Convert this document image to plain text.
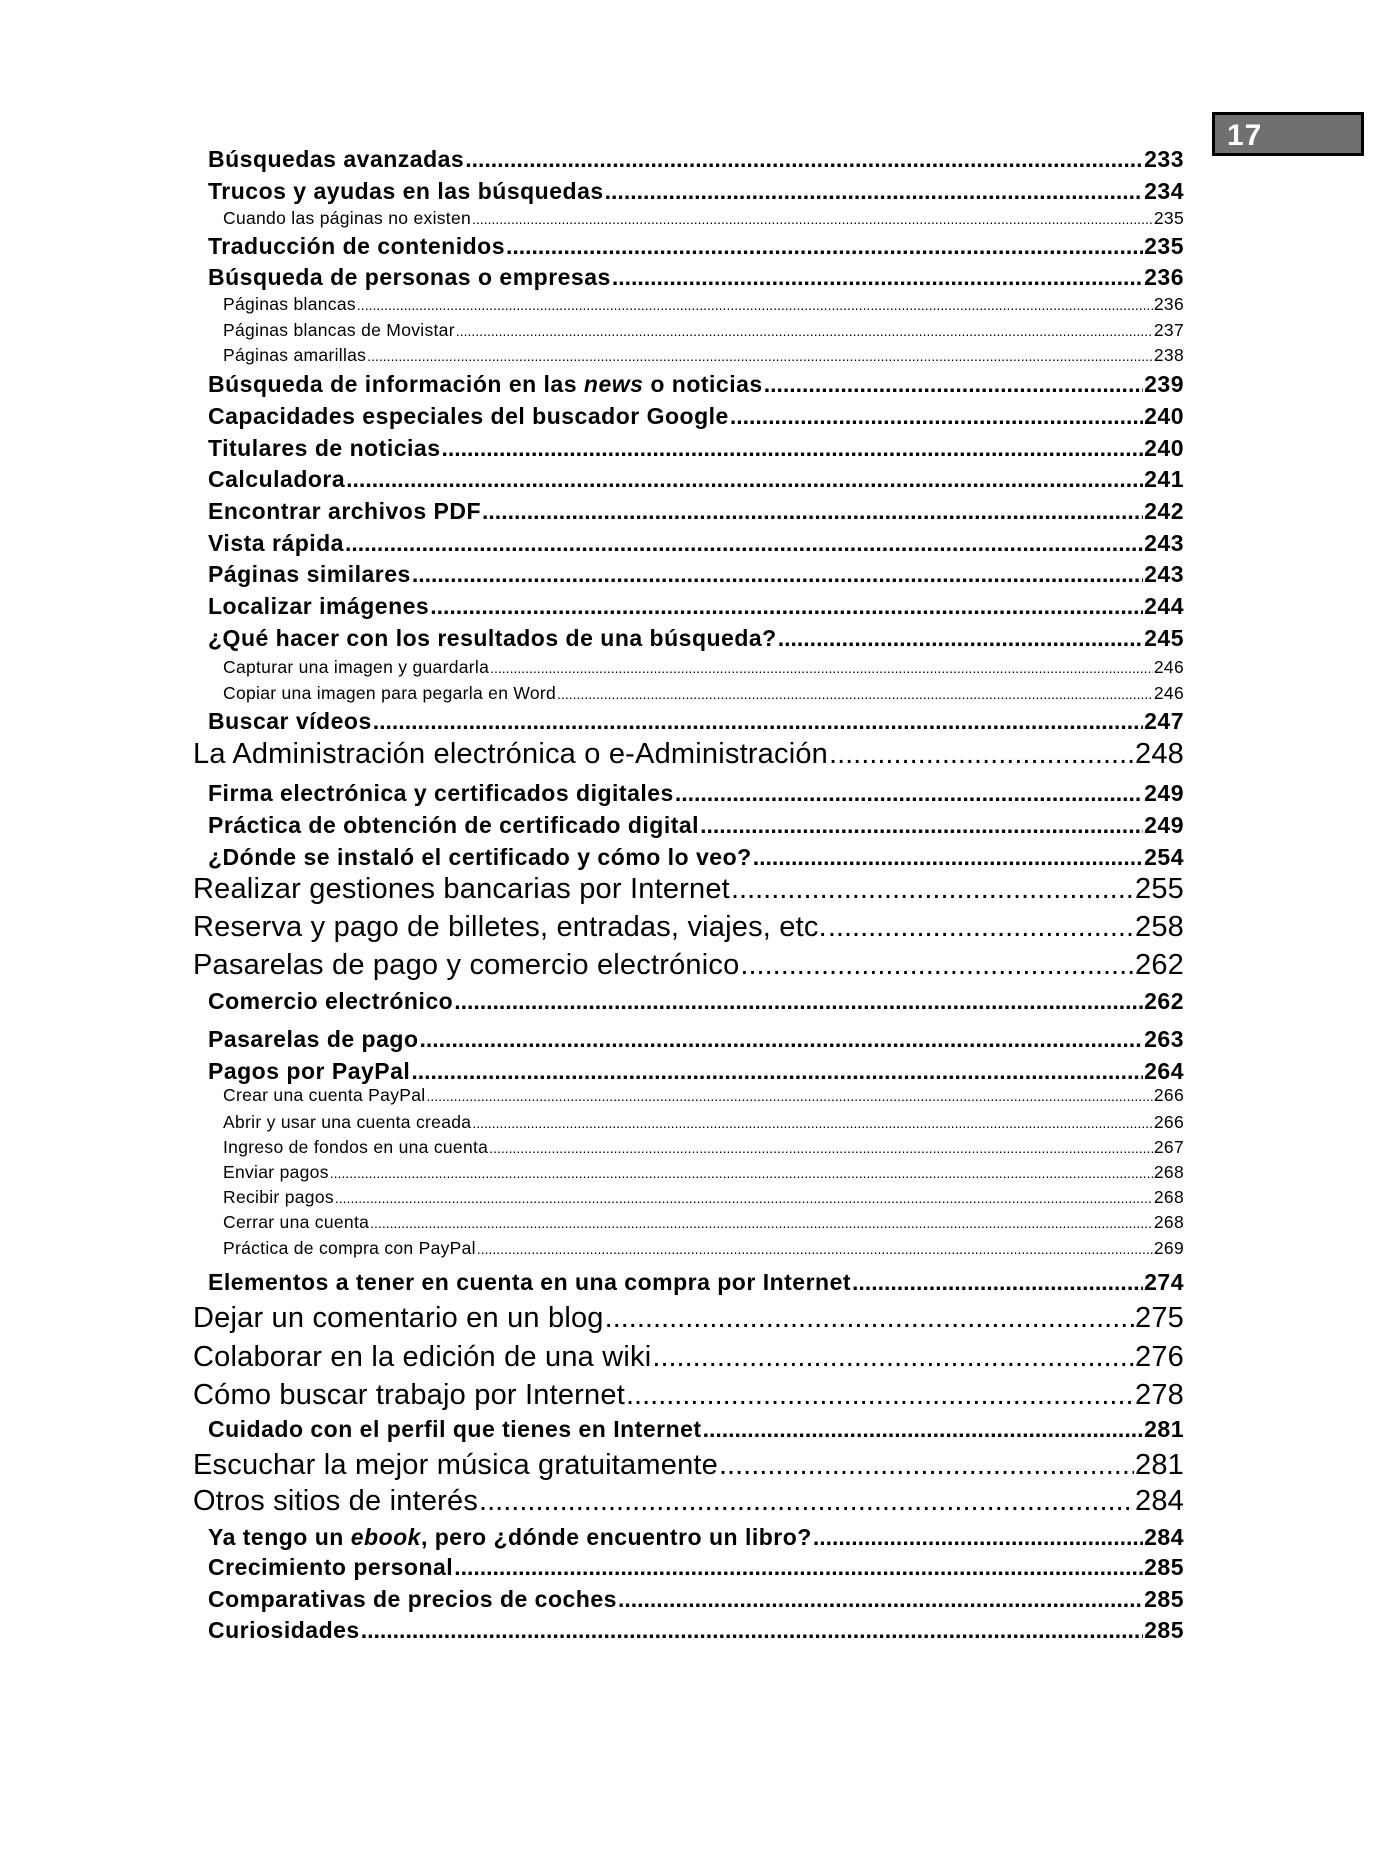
17
Búsquedas avanzadas .....	233
Trucos y ayudas en las búsquedas .....	234
Cuando las páginas no existen .....	235
Traducción de contenidos .....	235
Búsqueda de personas o empresas .....	236
Páginas blancas .....	236
Páginas blancas de Movistar .....	237
Páginas amarillas .....	238
Búsqueda de información en las news o noticias .....	239
Capacidades especiales del buscador Google .....	240
Titulares de noticias .....	240
Calculadora .....	241
Encontrar archivos PDF .....	242
Vista rápida .....	243
Páginas similares .....	243
Localizar imágenes .....	244
¿Qué hacer con los resultados de una búsqueda? .....	245
Capturar una imagen y guardarla .....	246
Copiar una imagen para pegarla en Word .....	246
Buscar vídeos .....	247
La Administración electrónica o e-Administración .....	248
Firma electrónica y certificados digitales .....	249
Práctica de obtención de certificado digital .....	249
¿Dónde se instaló el certificado y cómo lo veo? .....	254
Realizar gestiones bancarias por Internet .....	255
Reserva y pago de billetes, entradas, viajes, etc. .....	258
Pasarelas de pago y comercio electrónico .....	262
Comercio electrónico .....	262
Pasarelas de pago .....	263
Pagos por PayPal .....	264
Crear una cuenta PayPal .....	266
Abrir y usar una cuenta creada .....	266
Ingreso de fondos en una cuenta .....	267
Enviar pagos .....	268
Recibir pagos .....	268
Cerrar una cuenta .....	268
Práctica de compra con PayPal .....	269
Elementos a tener en cuenta en una compra por Internet .....	274
Dejar un comentario en un blog .....	275
Colaborar en la edición de una wiki .....	276
Cómo buscar trabajo por Internet .....	278
Cuidado con el perfil que tienes en Internet .....	281
Escuchar la mejor música gratuitamente .....	281
Otros sitios de interés .....	284
Ya tengo un ebook, pero ¿dónde encuentro un libro? .....	284
Crecimiento personal .....	285
Comparativas de precios de coches .....	285
Curiosidades .....	285
